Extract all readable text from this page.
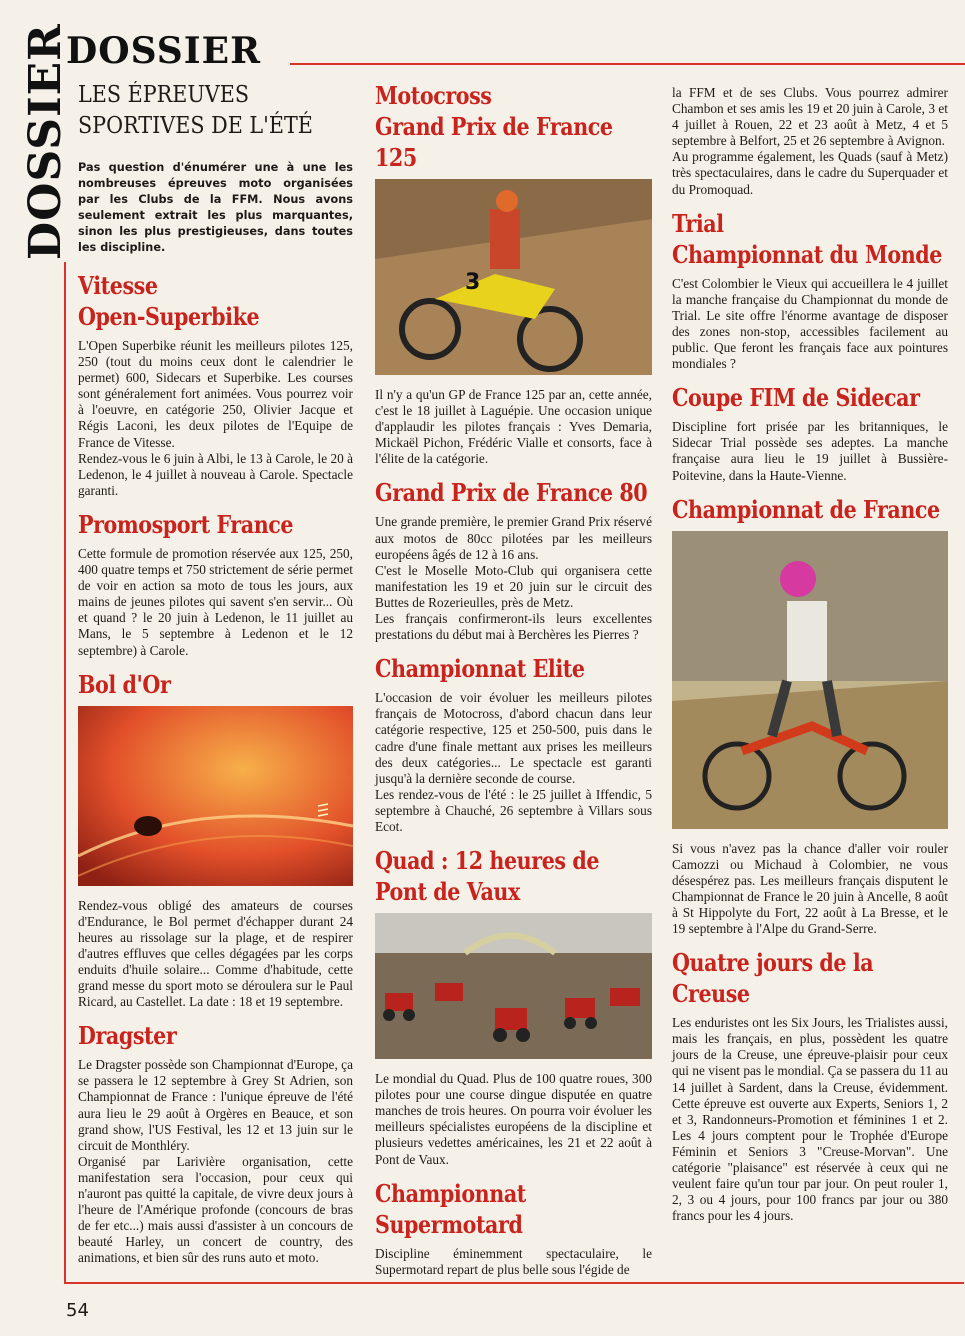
DOSSIER
DOSSIER
54
LES ÉPREUVES
SPORTIVES DE L'ÉTÉ

Pas question d'énumérer une à une les nombreuses épreuves moto organisées par les Clubs de la FFM. Nous avons seulement extrait les plus marquantes, sinon les plus prestigieuses, dans toutes les discipline.

Vitesse
Open-Superbike

L'Open Superbike réunit les meilleurs pilotes 125, 250 (tout du moins ceux dont le calendrier le permet) 600, Sidecars et Superbike. Les courses sont généralement fort animées. Vous pourrez voir à l'oeuvre, en catégorie 250, Olivier Jacque et Régis Laconi, les deux pilotes de l'Equipe de France de Vitesse.
Rendez-vous le 6 juin à Albi, le 13 à Carole, le 20 à Ledenon, le 4 juillet à nouveau à Carole. Spectacle garanti.

Promosport France

Cette formule de promotion réservée aux 125, 250, 400 quatre temps et 750 strictement de série permet de voir en action sa moto de tous les jours, aux mains de jeunes pilotes qui savent s'en servir... Où et quand ? le 20 juin à Ledenon, le 11 juillet au Mans, le 5 septembre à Ledenon et le 12 septembre) à Carole.

Bol d'Or

Rendez-vous obligé des amateurs de courses d'Endurance, le Bol permet d'échapper durant 24 heures au rissolage sur la plage, et de respirer d'autres effluves que celles dégagées par les corps enduits d'huile solaire... Comme d'habitude, cette grand messe du sport moto se déroulera sur le Paul Ricard, au Castellet. La date : 18 et 19 septembre.

Dragster

Le Dragster possède son Championnat d'Europe, ça se passera le 12 septembre à Grey St Adrien, son Championnat de France : l'unique épreuve de l'été aura lieu le 29 août à Orgères en Beauce, et son grand show, l'US Festival, les 12 et 13 juin sur le circuit de Monthléry.
Organisé par Larivière organisation, cette manifestation sera l'occasion, pour ceux qui n'auront pas quitté la capitale, de vivre deux jours à l'heure de l'Amérique profonde (concours de bras de fer etc...) mais aussi d'assister à un concours de beauté Harley, un concert de country, des animations, et bien sûr des runs auto et moto.

Motocross
Grand Prix de France 125
3

Il n'y a qu'un GP de France 125 par an, cette année, c'est le 18 juillet à Laguépie. Une occasion unique d'applaudir les pilotes français : Yves Demaria, Mickaël Pichon, Frédéric Vialle et consorts, face à l'élite de la catégorie.

Grand Prix de France 80

Une grande première, le premier Grand Prix réservé aux motos de 80cc pilotées par les meilleurs européens âgés de 12 à 16 ans.
C'est le Moselle Moto-Club qui organisera cette manifestation les 19 et 20 juin sur le circuit des Buttes de Rozerieulles, près de Metz.
Les français confirmeront-ils leurs excellentes prestations du début mai à Berchères les Pierres ?

Championnat Elite

L'occasion de voir évoluer les meilleurs pilotes français de Motocross, d'abord chacun dans leur catégorie respective, 125 et 250-500, puis dans le cadre d'une finale mettant aux prises les meilleurs des deux catégories... Le spectacle est garanti jusqu'à la dernière seconde de course.
Les rendez-vous de l'été : le 25 juillet à Iffendic, 5 septembre à Chauché, 26 septembre à Villars sous Ecot.

Quad : 12 heures de Pont de Vaux

Le mondial du Quad. Plus de 100 quatre roues, 300 pilotes pour une course dingue disputée en quatre manches de trois heures. On pourra voir évoluer les meilleurs spécialistes européens de la discipline et plusieurs vedettes américaines, les 21 et 22 août à Pont de Vaux.

Championnat
Supermotard

Discipline éminemment spectaculaire, le Supermotard repart de plus belle sous l'égide de

la FFM et de ses Clubs. Vous pourrez admirer Chambon et ses amis les 19 et 20 juin à Carole, 3 et 4 juillet à Rouen, 22 et 23 août à Metz, 4 et 5 septembre à Belfort, 25 et 26 septembre à Avignon.
Au programme également, les Quads (sauf à Metz) très spectaculaires, dans le cadre du Superquader et du Promoquad.

Trial
Championnat du Monde

C'est Colombier le Vieux qui accueillera le 4 juillet la manche française du Championnat du monde de Trial. Le site offre l'énorme avantage de disposer des zones non-stop, accessibles facilement au public. Que feront les français face aux pointures mondiales ?

Coupe FIM de Sidecar

Discipline fort prisée par les britanniques, le Sidecar Trial possède ses adeptes. La manche française aura lieu le 19 juillet à Bussière-Poitevine, dans la Haute-Vienne.

Championnat de France

Si vous n'avez pas la chance d'aller voir rouler Camozzi ou Michaud à Colombier, ne vous désespérez pas. Les meilleurs français disputent le Championnat de France le 20 juin à Ancelle, 8 août à St Hippolyte du Fort, 22 août à La Bresse, et le 19 septembre à l'Alpe du Grand-Serre.

Quatre jours de la
Creuse

Les enduristes ont les Six Jours, les Trialistes aussi, mais les français, en plus, possèdent les quatre jours de la Creuse, une épreuve-plaisir pour ceux qui ne visent pas le mondial. Ça se passera du 11 au 14 juillet à Sardent, dans la Creuse, évidemment. Cette épreuve est ouverte aux Experts, Seniors 1, 2 et 3, Randonneurs-Promotion et féminines 1 et 2. Les 4 jours comptent pour le Trophée d'Europe Féminin et Seniors 3 "Creuse-Morvan". Une catégorie "plaisance" est réservée à ceux qui ne veulent faire qu'un tour par jour. On peut rouler 1, 2, 3 ou 4 jours, pour 100 francs par jour ou 380 francs pour les 4 jours.
